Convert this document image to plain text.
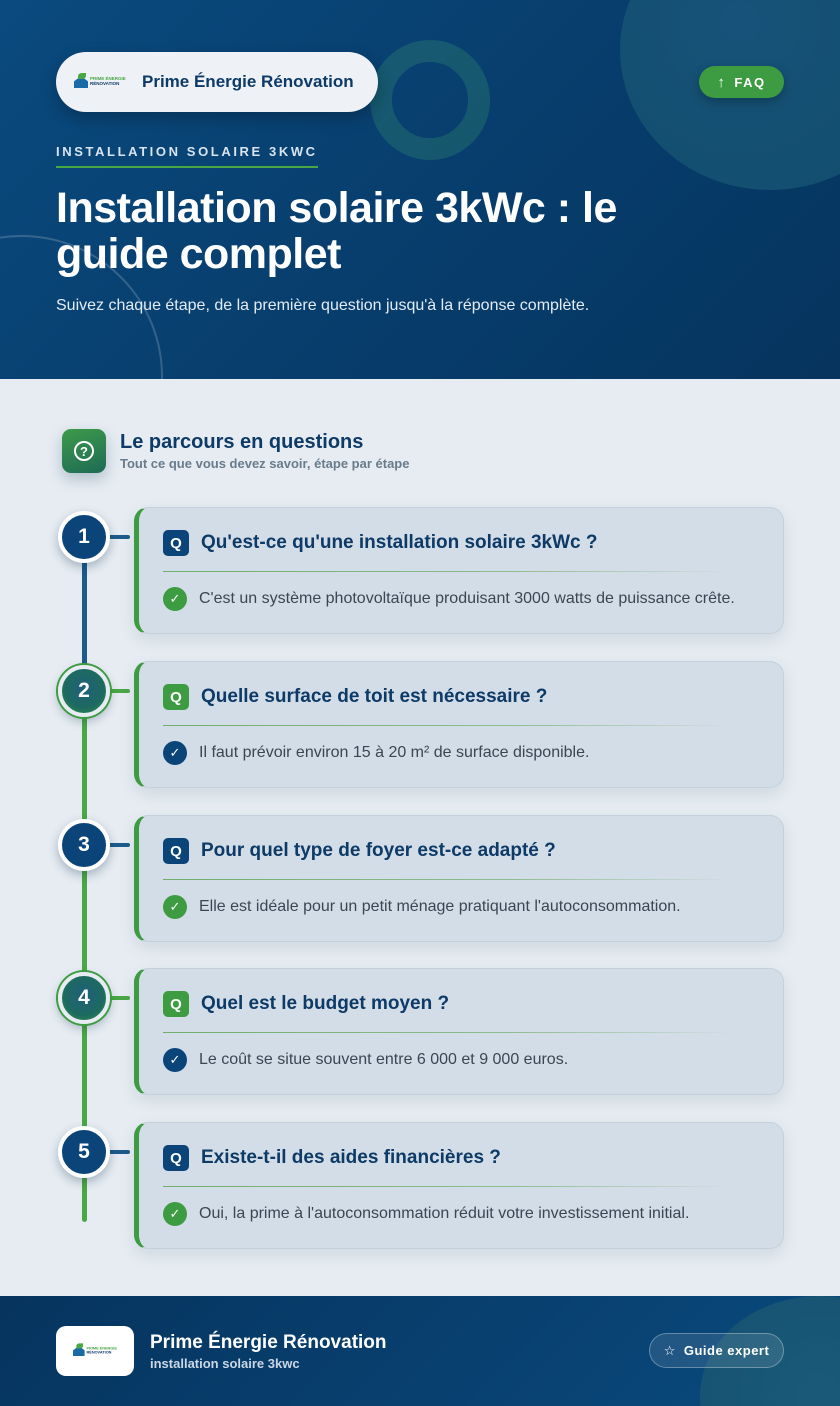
PRIME ÉNERGIE
RÉNOVATION	Prime Énergie Rénovation	↑ FAQ
INSTALLATION SOLAIRE 3KWC
Installation solaire 3kWc : le guide complet

Suivez chaque étape, de la première question jusqu'à la réponse complète.

?	Le parcours en questions
Tout ce que vous devez savoir, étape par étape
1	Q	Qu'est-ce qu'une installation solaire 3kWc ?
✓	C'est un système photovoltaïque produisant 3000 watts de puissance crête.
2	Q	Quelle surface de toit est nécessaire ?
✓	Il faut prévoir environ 15 à 20 m² de surface disponible.
3	Q	Pour quel type de foyer est-ce adapté ?
✓	Elle est idéale pour un petit ménage pratiquant l'autoconsommation.
4	Q	Quel est le budget moyen ?
✓	Le coût se situe souvent entre 6 000 et 9 000 euros.
5	Q	Existe-t-il des aides financières ?
✓	Oui, la prime à l'autoconsommation réduit votre investissement initial.
PRIME ÉNERGIE
RÉNOVATION Prime Énergie Rénovation
installation solaire 3kwc
☆ Guide expert
